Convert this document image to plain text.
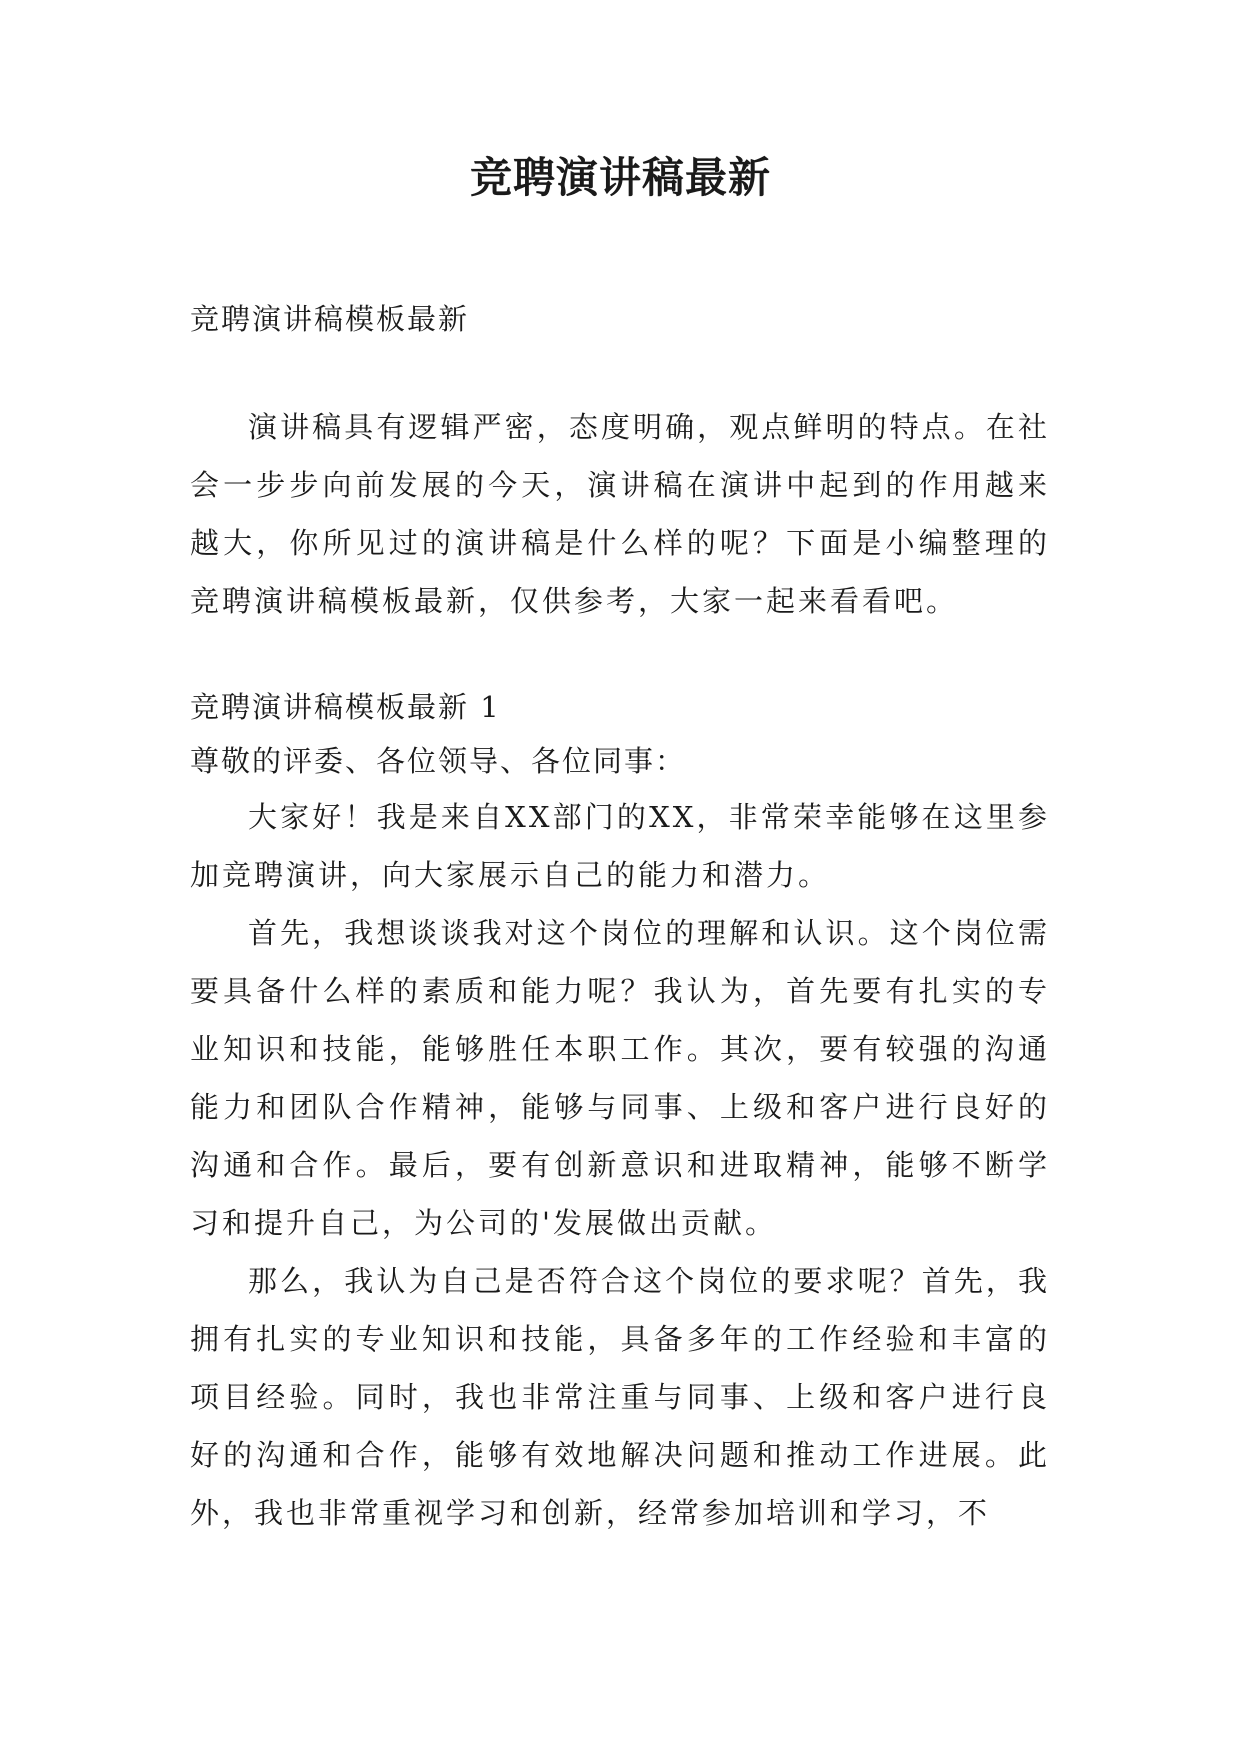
竞聘演讲稿最新

竞聘演讲稿模板最新

演讲稿具有逻辑严密，态度明确，观点鲜明的特点。在社会一步步向前发展的今天，演讲稿在演讲中起到的作用越来越大，你所见过的演讲稿是什么样的呢？下面是小编整理的竞聘演讲稿模板最新，仅供参考，大家一起来看看吧。

竞聘演讲稿模板最新 1

尊敬的评委、各位领导、各位同事：

大家好！我是来自XX部门的XX，非常荣幸能够在这里参加竞聘演讲，向大家展示自己的能力和潜力。

首先，我想谈谈我对这个岗位的理解和认识。这个岗位需要具备什么样的素质和能力呢？我认为，首先要有扎实的专业知识和技能，能够胜任本职工作。其次，要有较强的沟通能力和团队合作精神，能够与同事、上级和客户进行良好的沟通和合作。最后，要有创新意识和进取精神，能够不断学习和提升自己，为公司的'发展做出贡献。

那么，我认为自己是否符合这个岗位的要求呢？首先，我拥有扎实的专业知识和技能，具备多年的工作经验和丰富的项目经验。同时，我也非常注重与同事、上级和客户进行良好的沟通和合作，能够有效地解决问题和推动工作进展。此外，我也非常重视学习和创新，经常参加培训和学习，不
